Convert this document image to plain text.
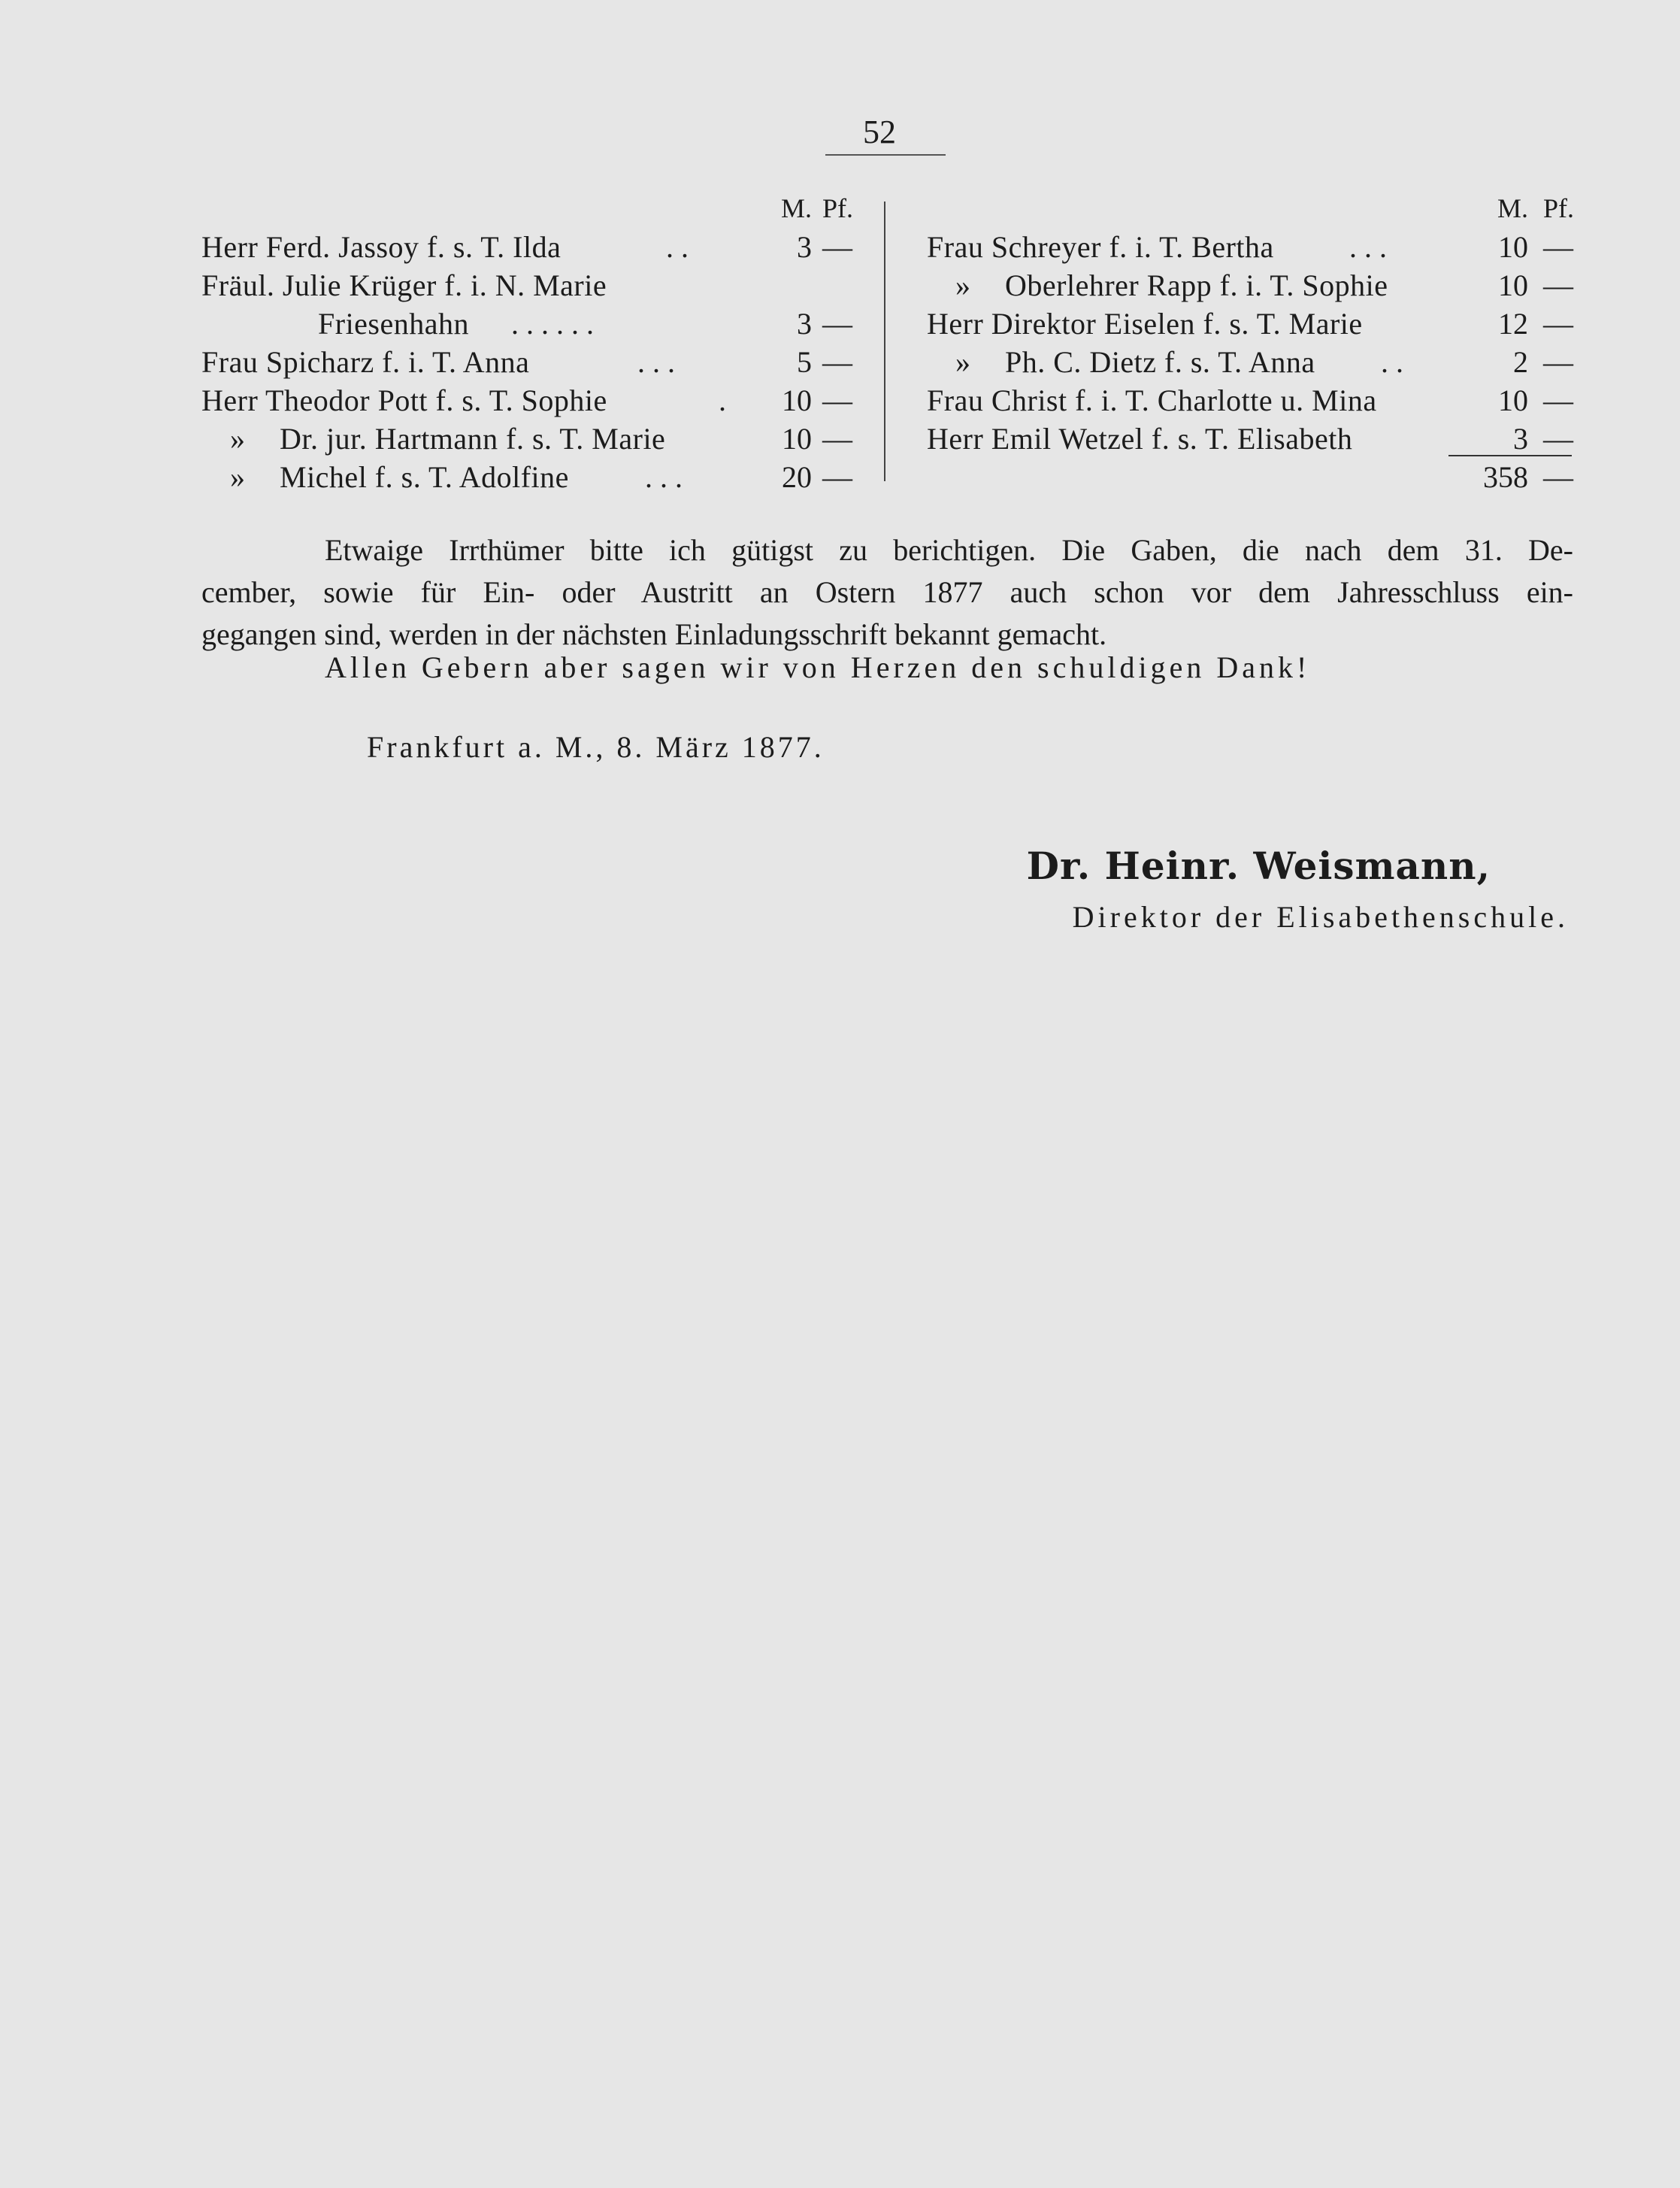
52
M. Pf.
Herr Ferd. Jassoy f. s. T. Ilda	. .	3 —
Fräul. Julie Krüger f. i. N. Marie
Friesenhahn . . . . . .	3 —
Frau Spicharz f. i. T. Anna	. . .	5 —
Herr Theodor Pott f. s. T. Sophie	.	10 —
» Dr. jur. Hartmann f. s. T. Marie	10 —
» Michel f. s. T. Adolfine	. . .	20 —
M. Pf.
Frau Schreyer f. i. T. Bertha	. . .	10 —
» Oberlehrer Rapp f. i. T. Sophie	10 —
Herr Direktor Eiselen f. s. T. Marie	12 —
» Ph. C. Dietz f. s. T. Anna . .	2 —
Frau Christ f. i. T. Charlotte u. Mina	10 —
Herr Emil Wetzel f. s. T. Elisabeth	3 —
358 —
Etwaige Irrthümer bitte ich gütigst zu berichtigen. Die Gaben, die nach dem 31. De-
cember, sowie für Ein- oder Austritt an Ostern 1877 auch schon vor dem Jahresschluss ein-
gegangen sind, werden in der nächsten Einladungsschrift bekannt gemacht.
Allen Gebern aber sagen wir von Herzen den schuldigen Dank!
Frankfurt a. M., 8. März 1877.
Dr. Heinr. Weismann,
Direktor der Elisabethenschule.
